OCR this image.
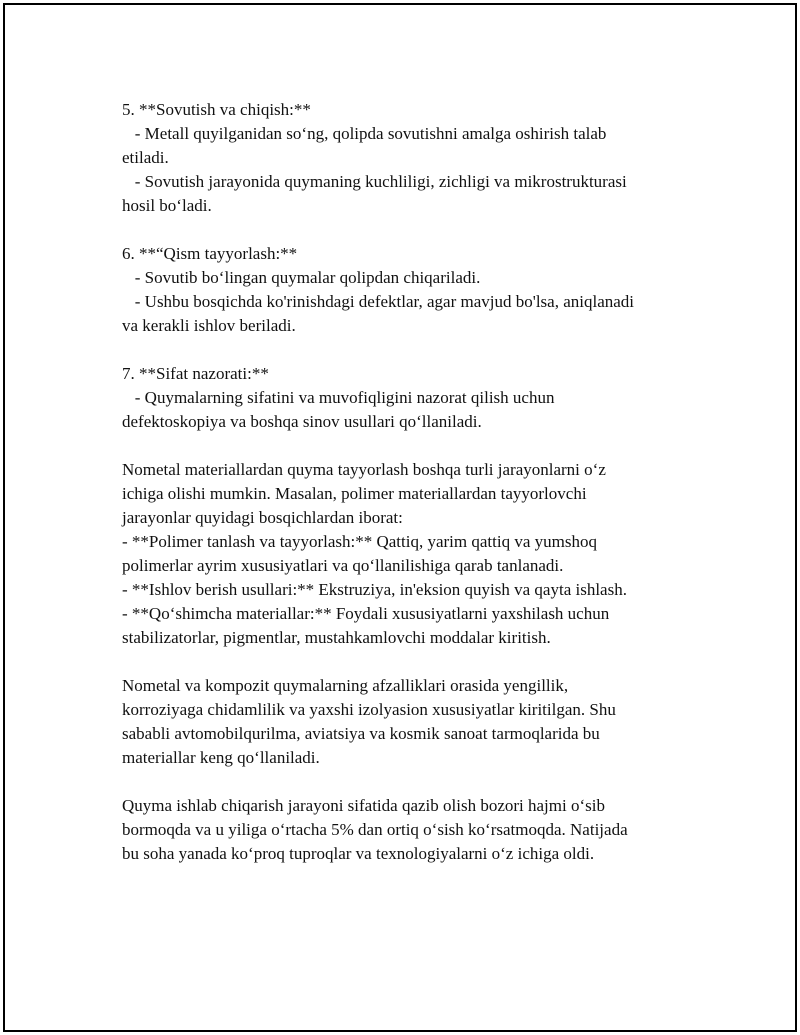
5. **Sovutish va chiqish:**
- Metall quyilganidan so‘ng, qolipda sovutishni amalga oshirish talab
etiladi.
- Sovutish jarayonida quymaning kuchliligi, zichligi va mikrostrukturasi
hosil bo‘ladi.
6. **“Qism tayyorlash:**
- Sovutib bo‘lingan quymalar qolipdan chiqariladi.
- Ushbu bosqichda ko'rinishdagi defektlar, agar mavjud bo'lsa, aniqlanadi
va kerakli ishlov beriladi.
7. **Sifat nazorati:**
- Quymalarning sifatini va muvofiqligini nazorat qilish uchun
defektoskopiya va boshqa sinov usullari qo‘llaniladi.
Nometal materiallardan quyma tayyorlash boshqa turli jarayonlarni o‘z
ichiga olishi mumkin. Masalan, polimer materiallardan tayyorlovchi
jarayonlar quyidagi bosqichlardan iborat:
- **Polimer tanlash va tayyorlash:** Qattiq, yarim qattiq va yumshoq
polimerlar ayrim xususiyatlari va qo‘llanilishiga qarab tanlanadi.
- **Ishlov berish usullari:** Ekstruziya, in'eksion quyish va qayta ishlash.
- **Qo‘shimcha materiallar:** Foydali xususiyatlarni yaxshilash uchun
stabilizatorlar, pigmentlar, mustahkamlovchi moddalar kiritish.
Nometal va kompozit quymalarning afzalliklari orasida yengillik,
korroziyaga chidamlilik va yaxshi izolyasion xususiyatlar kiritilgan. Shu
sababli avtomobilqurilma, aviatsiya va kosmik sanoat tarmoqlarida bu
materiallar keng qo‘llaniladi.
Quyma ishlab chiqarish jarayoni sifatida qazib olish bozori hajmi o‘sib
bormoqda va u yiliga o‘rtacha 5% dan ortiq o‘sish ko‘rsatmoqda. Natijada
bu soha yanada ko‘proq tuproqlar va texnologiyalarni o‘z ichiga oldi.
